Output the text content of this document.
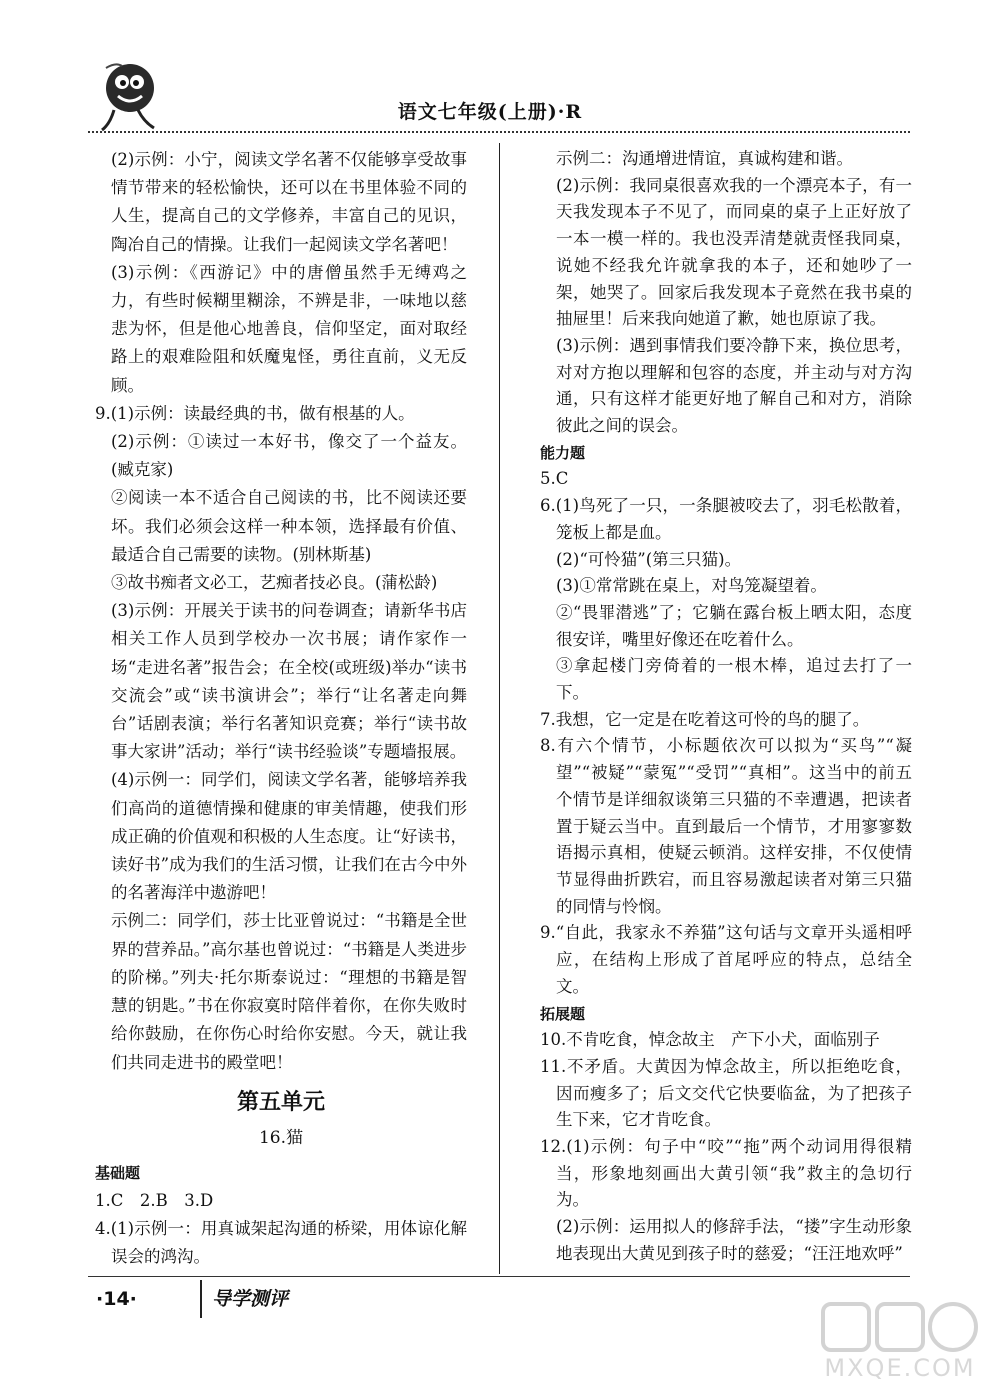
语文七年级(上册)·R

(2)示例：小宁，阅读文学名著不仅能够享受故事情节带来的轻松愉快，还可以在书里体验不同的人生，提高自己的文学修养，丰富自己的见识，陶冶自己的情操。让我们一起阅读文学名著吧！

(3)示例：《西游记》中的唐僧虽然手无缚鸡之力，有些时候糊里糊涂，不辨是非，一味地以慈悲为怀，但是他心地善良，信仰坚定，面对取经路上的艰难险阻和妖魔鬼怪，勇往直前，义无反顾。

9.(1)示例：读最经典的书，做有根基的人。

(2)示例：①读过一本好书，像交了一个益友。(臧克家)

②阅读一本不适合自己阅读的书，比不阅读还要坏。我们必须会这样一种本领，选择最有价值、最适合自己需要的读物。(别林斯基)

③故书痴者文必工，艺痴者技必良。(蒲松龄)

(3)示例：开展关于读书的问卷调查；请新华书店相关工作人员到学校办一次书展；请作家作一场“走进名著”报告会；在全校(或班级)举办“读书交流会”或“读书演讲会”；举行“让名著走向舞台”话剧表演；举行名著知识竞赛；举行“读书故事大家讲”活动；举行“读书经验谈”专题墙报展。

(4)示例一：同学们，阅读文学名著，能够培养我们高尚的道德情操和健康的审美情趣，使我们形成正确的价值观和积极的人生态度。让“好读书，读好书”成为我们的生活习惯，让我们在古今中外的名著海洋中遨游吧！

示例二：同学们，莎士比亚曾说过：“书籍是全世界的营养品。”高尔基也曾说过：“书籍是人类进步的阶梯。”列夫·托尔斯泰说过：“理想的书籍是智慧的钥匙。”书在你寂寞时陪伴着你，在你失败时给你鼓励，在你伤心时给你安慰。今天，就让我们共同走进书的殿堂吧！

第五单元

16.猫

基础题

1.C　2.B　3.D

4.(1)示例一：用真诚架起沟通的桥梁，用体谅化解误会的鸿沟。

示例二：沟通增进情谊，真诚构建和谐。

(2)示例：我同桌很喜欢我的一个漂亮本子，有一天我发现本子不见了，而同桌的桌子上正好放了一本一模一样的。我也没弄清楚就责怪我同桌，说她不经我允许就拿我的本子，还和她吵了一架，她哭了。回家后我发现本子竟然在我书桌的抽屉里！后来我向她道了歉，她也原谅了我。

(3)示例：遇到事情我们要冷静下来，换位思考，对对方抱以理解和包容的态度，并主动与对方沟通，只有这样才能更好地了解自己和对方，消除彼此之间的误会。

能力题

5.C

6.(1)鸟死了一只，一条腿被咬去了，羽毛松散着，笼板上都是血。

(2)“可怜猫”(第三只猫)。

(3)①常常跳在桌上，对鸟笼凝望着。

②“畏罪潜逃”了；它躺在露台板上晒太阳，态度很安详，嘴里好像还在吃着什么。

③拿起楼门旁倚着的一根木棒，追过去打了一下。

7.我想，它一定是在吃着这可怜的鸟的腿了。

8.有六个情节，小标题依次可以拟为“买鸟”“凝望”“被疑”“蒙冤”“受罚”“真相”。这当中的前五个情节是详细叙谈第三只猫的不幸遭遇，把读者置于疑云当中。直到最后一个情节，才用寥寥数语揭示真相，使疑云顿消。这样安排，不仅使情节显得曲折跌宕，而且容易激起读者对第三只猫的同情与怜悯。

9.“自此，我家永不养猫”这句话与文章开头遥相呼应，在结构上形成了首尾呼应的特点，总结全文。

拓展题

10.不肯吃食，悼念故主　产下小犬，面临别子

11.不矛盾。大黄因为悼念故主，所以拒绝吃食，因而瘦多了；后文交代它快要临盆，为了把孩子生下来，它才肯吃食。

12.(1)示例：句子中“咬”“拖”两个动词用得很精当，形象地刻画出大黄引领“我”救主的急切行为。

(2)示例：运用拟人的修辞手法，“搂”字生动形象地表现出大黄见到孩子时的慈爱；“汪汪地欢呼”

·14·	导学测评
MXQE.COM
